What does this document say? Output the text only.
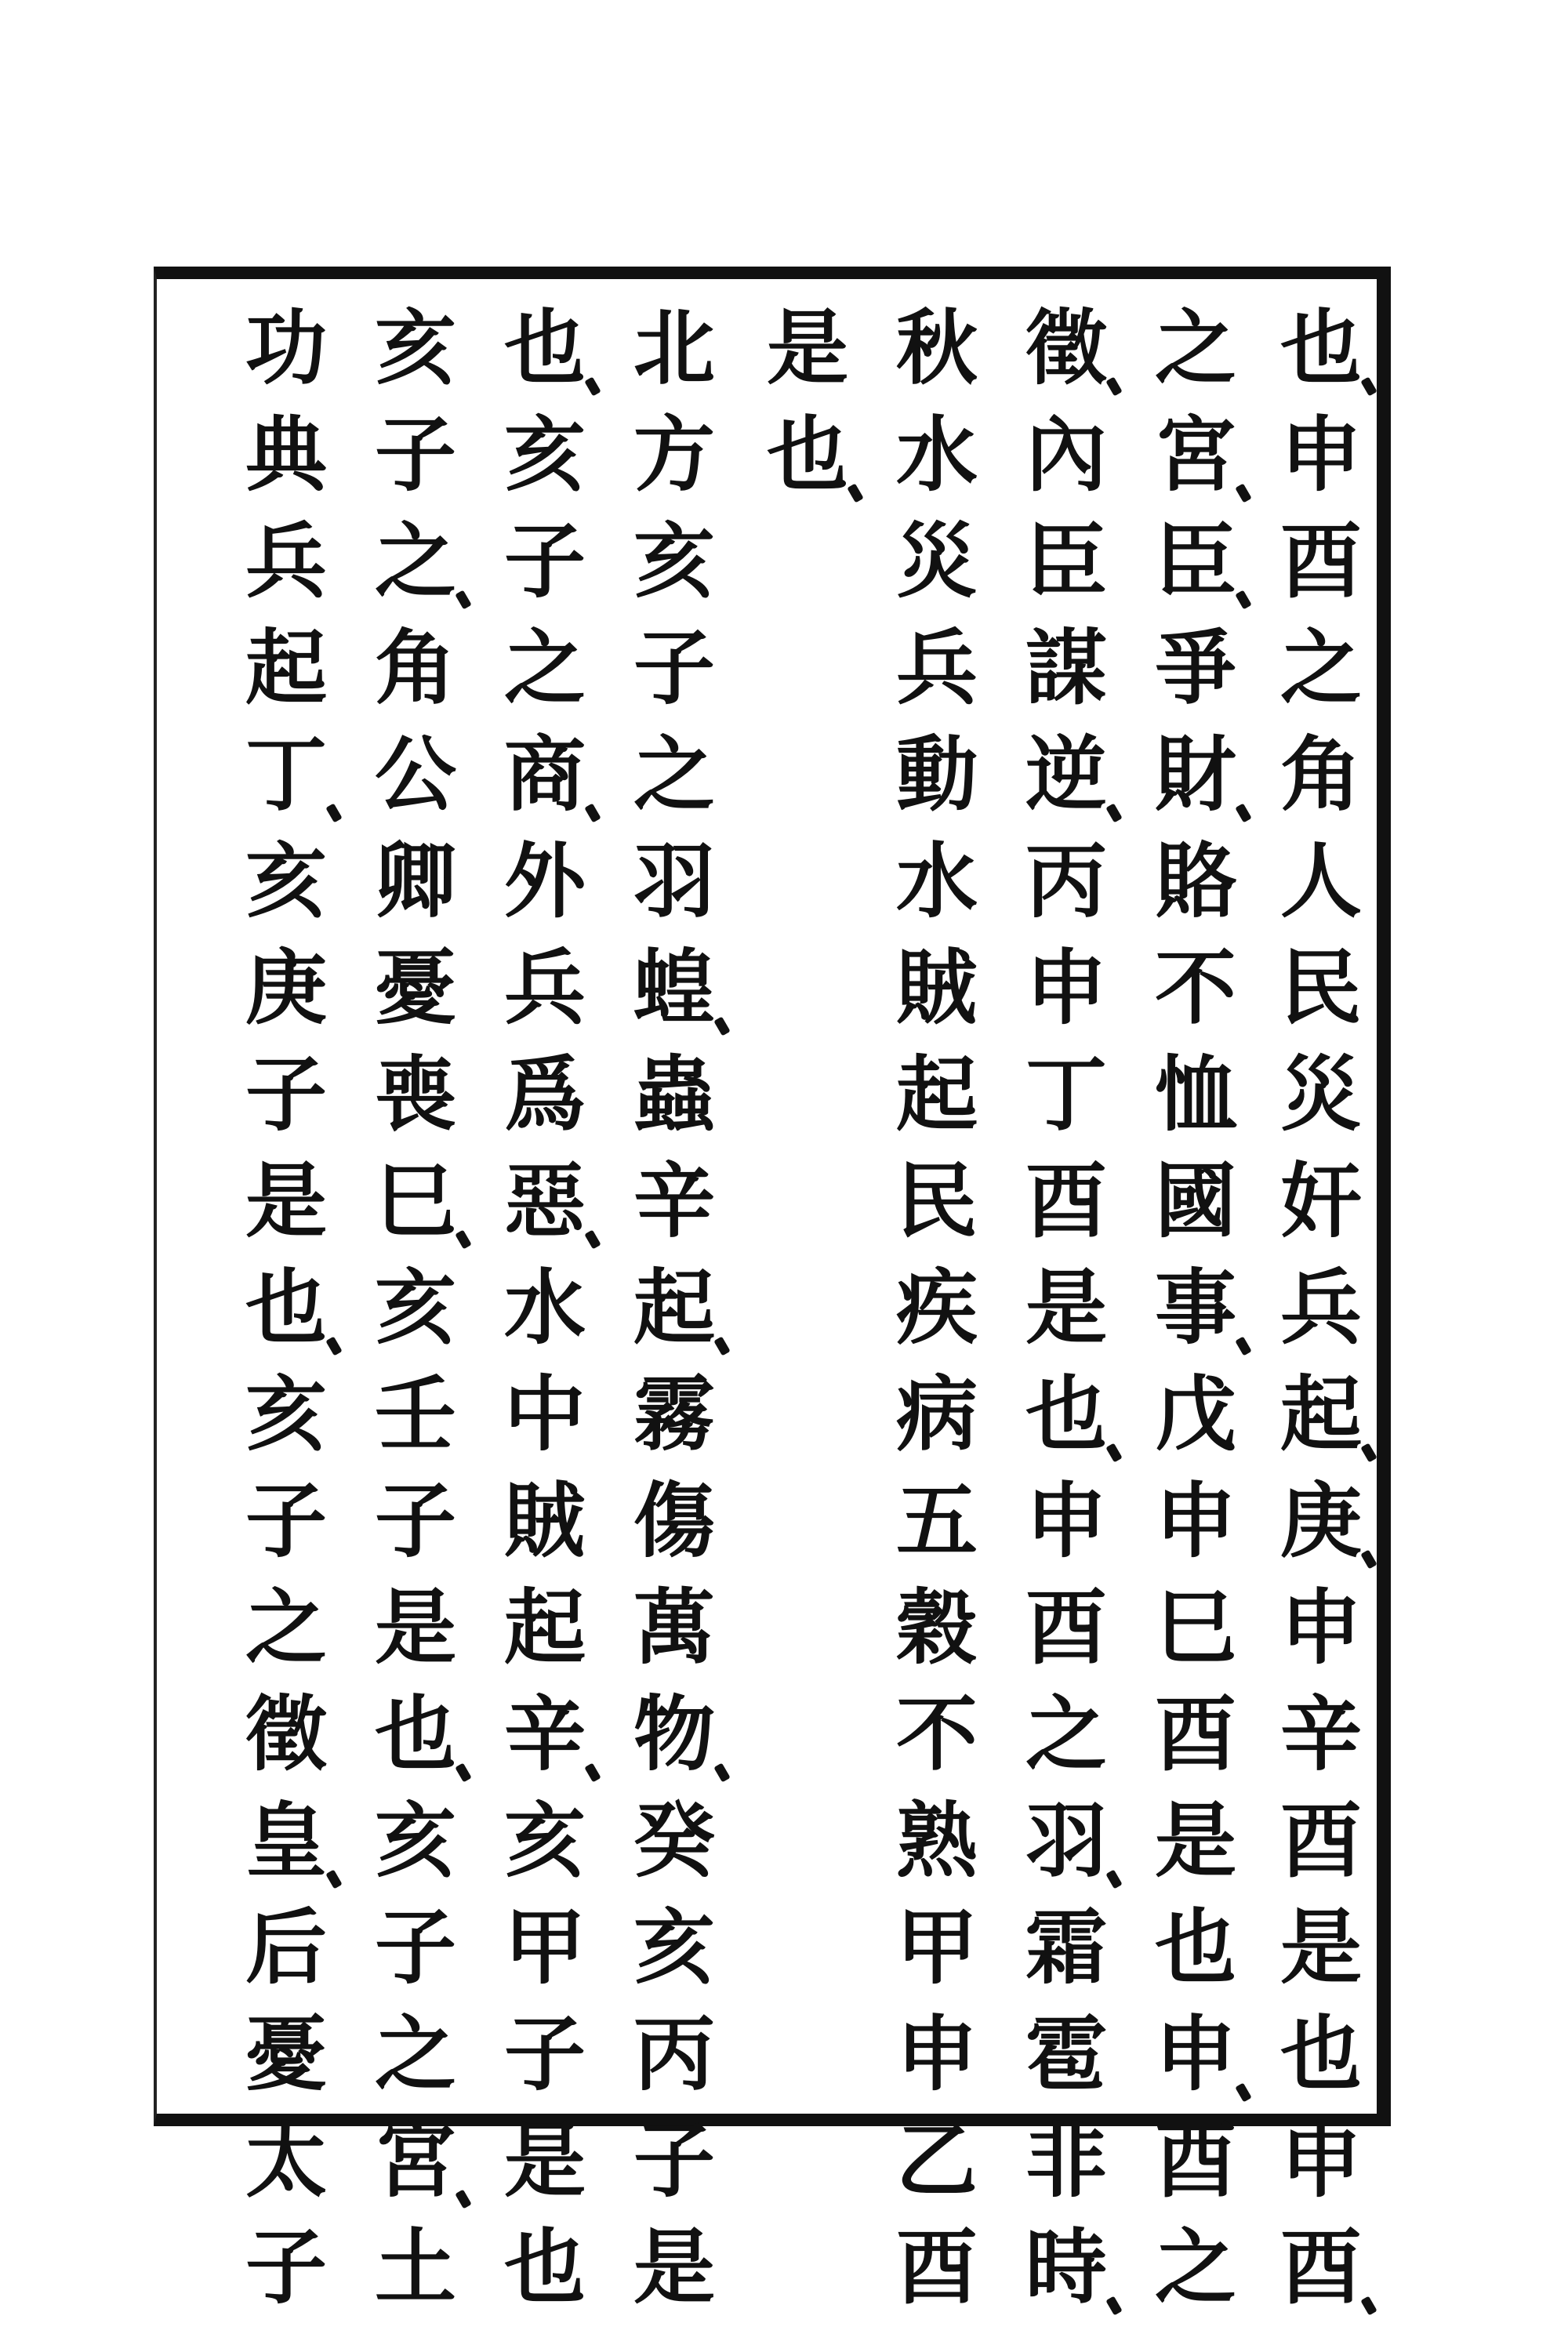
也
申
酉
之
角
人
民
災
奸
兵
起
庚
申
辛
酉
是
也
申
酉
之
宮
臣
爭
財
賂
不
恤
國
事
戊
申
巳
酉
是
也
申
酉
之
徵
內
臣
謀
逆
丙
申
丁
酉
是
也
申
酉
之
羽
霜
雹
非
時
秋
水
災
兵
動
水
賊
起
民
疾
病
五
穀
不
熟
甲
申
乙
酉
是
也
北
方
亥
子
之
羽
蝗
蟲
辛
起
霧
傷
萬
物
癸
亥
丙
子
是
也
亥
子
之
商
外
兵
爲
惡
水
中
賊
起
辛
亥
甲
子
是
也
亥
子
之
角
公
卿
憂
喪
巳
亥
壬
子
是
也
亥
子
之
宮
土
功
典
兵
起
丁
亥
庚
子
是
也
亥
子
之
徵
皇
后
憂
太
子
